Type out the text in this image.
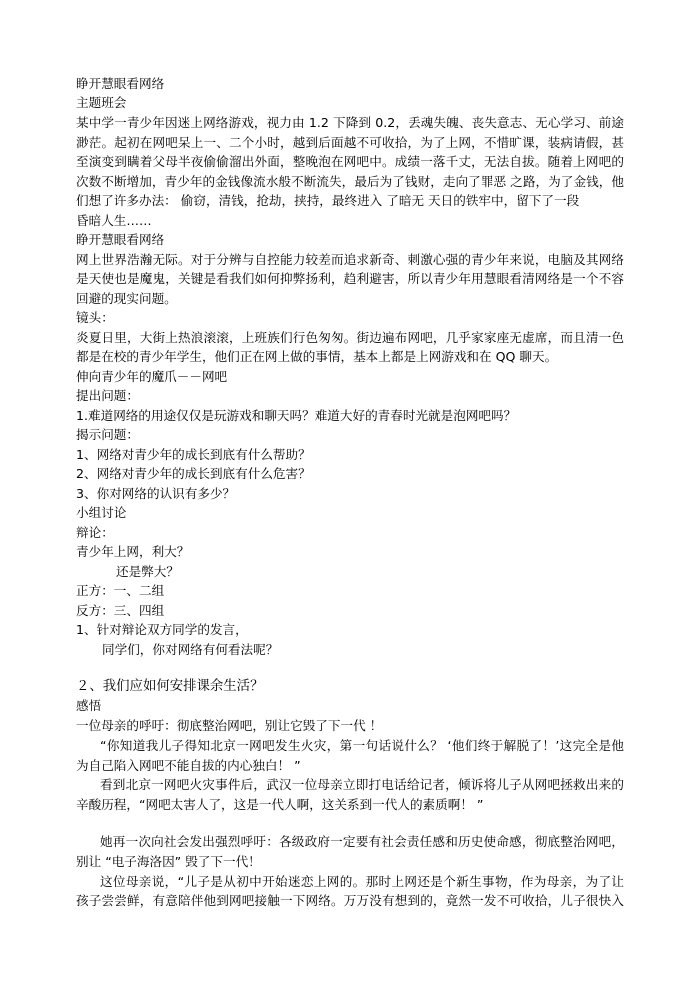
睁开慧眼看网络
主题班会
某中学一青少年因迷上网络游戏，视力由 1.2 下降到 0.2，丢魂失魄、丧失意志、无心学习、前途
渺茫。起初在网吧呆上一、二个小时，越到后面越不可收拾，为了上网，不惜旷课，装病请假，甚
至演变到瞒着父母半夜偷偷溜出外面，整晚泡在网吧中。成绩一落千丈，无法自拔。随着上网吧的
次数不断增加，青少年的金钱像流水般不断流失，最后为了钱财，走向了罪恶 之路，为了金钱，他
们想了许多办法： 偷窃，清钱，抢劫，挟持，最终进入 了暗无 天日的铁牢中，留下了一段
昏暗人生……
睁开慧眼看网络
网上世界浩瀚无际。对于分辨与自控能力较差而追求新奇、刺激心强的青少年来说，电脑及其网络
是天使也是魔鬼，关键是看我们如何抑弊扬利，趋利避害，所以青少年用慧眼看清网络是一个不容
回避的现实问题。
镜头：
炎夏日里，大街上热浪滚滚，上班族们行色匆匆。街边遍布网吧，几乎家家座无虚席，而且清一色
都是在校的青少年学生，他们正在网上做的事情，基本上都是上网游戏和在 QQ 聊天。
伸向青少年的魔爪－－网吧
提出问题：
1.难道网络的用途仅仅是玩游戏和聊天吗？难道大好的青春时光就是泡网吧吗？
揭示问题：
1、网络对青少年的成长到底有什么帮助？
2、网络对青少年的成长到底有什么危害？
3、你对网络的认识有多少？
小组讨论
辩论：
青少年上网，利大？
还是弊大？
正方：一、二组
反方：三、四组
1、针对辩论双方同学的发言，
同学们，你对网络有何看法呢？
２、我们应如何安排课余生活？
感悟
一位母亲的呼吁：彻底整治网吧，别让它毁了下一代 ！
“你知道我儿子得知北京一网吧发生火灾，第一句话说什么？ ‘他们终于解脱了！’这完全是他
为自己陷入网吧不能自拔的内心独白！ ”
看到北京一网吧火灾事件后，武汉一位母亲立即打电话给记者，倾诉将儿子从网吧拯救出来的
辛酸历程，“网吧太害人了，这是一代人啊，这关系到一代人的素质啊！ ”
她再一次向社会发出强烈呼吁：各级政府一定要有社会责任感和历史使命感，彻底整治网吧，
别让 “电子海洛因” 毁了下一代！
这位母亲说，“儿子是从初中开始迷恋上网的。那时上网还是个新生事物，作为母亲，为了让
孩子尝尝鲜，有意陪伴他到网吧接触一下网络。万万没有想到的，竟然一发不可收拾，儿子很快入
